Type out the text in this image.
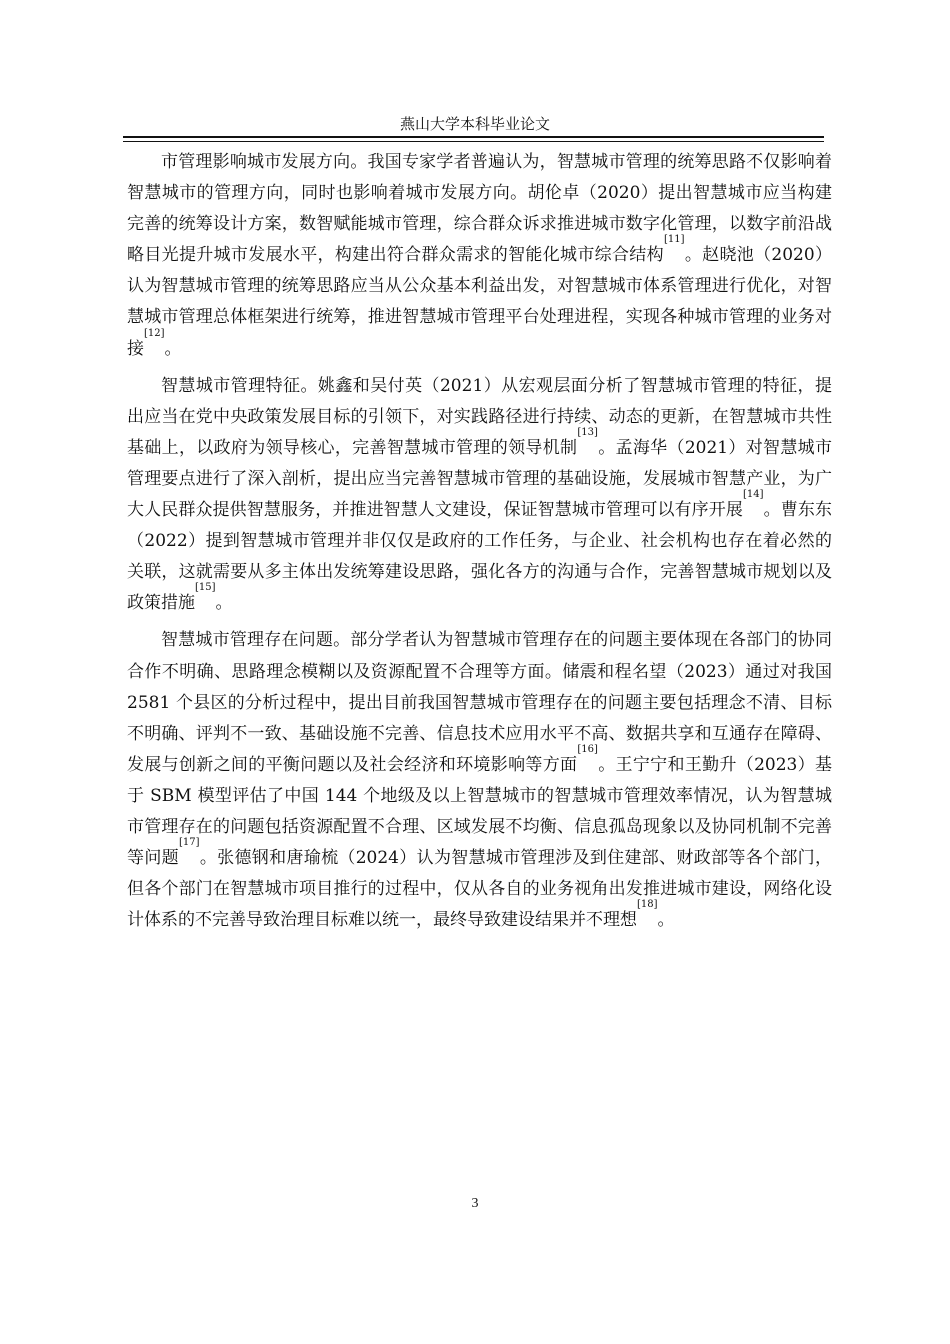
燕山大学本科毕业论文

市管理影响城市发展方向。我国专家学者普遍认为，智慧城市管理的统筹思路不仅影响着智慧城市的管理方向，同时也影响着城市发展方向。胡伦卓（2020）提出智慧城市应当构建完善的统筹设计方案，数智赋能城市管理，综合群众诉求推进城市数字化管理，以数字前沿战略目光提升城市发展水平，构建出符合群众需求的智能化城市综合结构[11]。赵晓池（2020）认为智慧城市管理的统筹思路应当从公众基本利益出发，对智慧城市体系管理进行优化，对智慧城市管理总体框架进行统筹，推进智慧城市管理平台处理进程，实现各种城市管理的业务对接[12]。

智慧城市管理特征。姚鑫和吴付英（2021）从宏观层面分析了智慧城市管理的特征，提出应当在党中央政策发展目标的引领下，对实践路径进行持续、动态的更新，在智慧城市共性基础上，以政府为领导核心，完善智慧城市管理的领导机制[13]。孟海华（2021）对智慧城市管理要点进行了深入剖析，提出应当完善智慧城市管理的基础设施，发展城市智慧产业，为广大人民群众提供智慧服务，并推进智慧人文建设，保证智慧城市管理可以有序开展[14]。曹东东（2022）提到智慧城市管理并非仅仅是政府的工作任务，与企业、社会机构也存在着必然的关联，这就需要从多主体出发统筹建设思路，强化各方的沟通与合作，完善智慧城市规划以及政策措施[15]。

智慧城市管理存在问题。部分学者认为智慧城市管理存在的问题主要体现在各部门的协同合作不明确、思路理念模糊以及资源配置不合理等方面。储震和程名望（2023）通过对我国 2581 个县区的分析过程中，提出目前我国智慧城市管理存在的问题主要包括理念不清、目标不明确、评判不一致、基础设施不完善、信息技术应用水平不高、数据共享和互通存在障碍、发展与创新之间的平衡问题以及社会经济和环境影响等方面[16]。王宁宁和王勤升（2023）基于 SBM 模型评估了中国 144 个地级及以上智慧城市的智慧城市管理效率情况，认为智慧城市管理存在的问题包括资源配置不合理、区域发展不均衡、信息孤岛现象以及协同机制不完善等问题[17]。张德钢和唐瑜梳（2024）认为智慧城市管理涉及到住建部、财政部等各个部门，但各个部门在智慧城市项目推行的过程中，仅从各自的业务视角出发推进城市建设，网络化设计体系的不完善导致治理目标难以统一，最终导致建设结果并不理想[18]。

3
